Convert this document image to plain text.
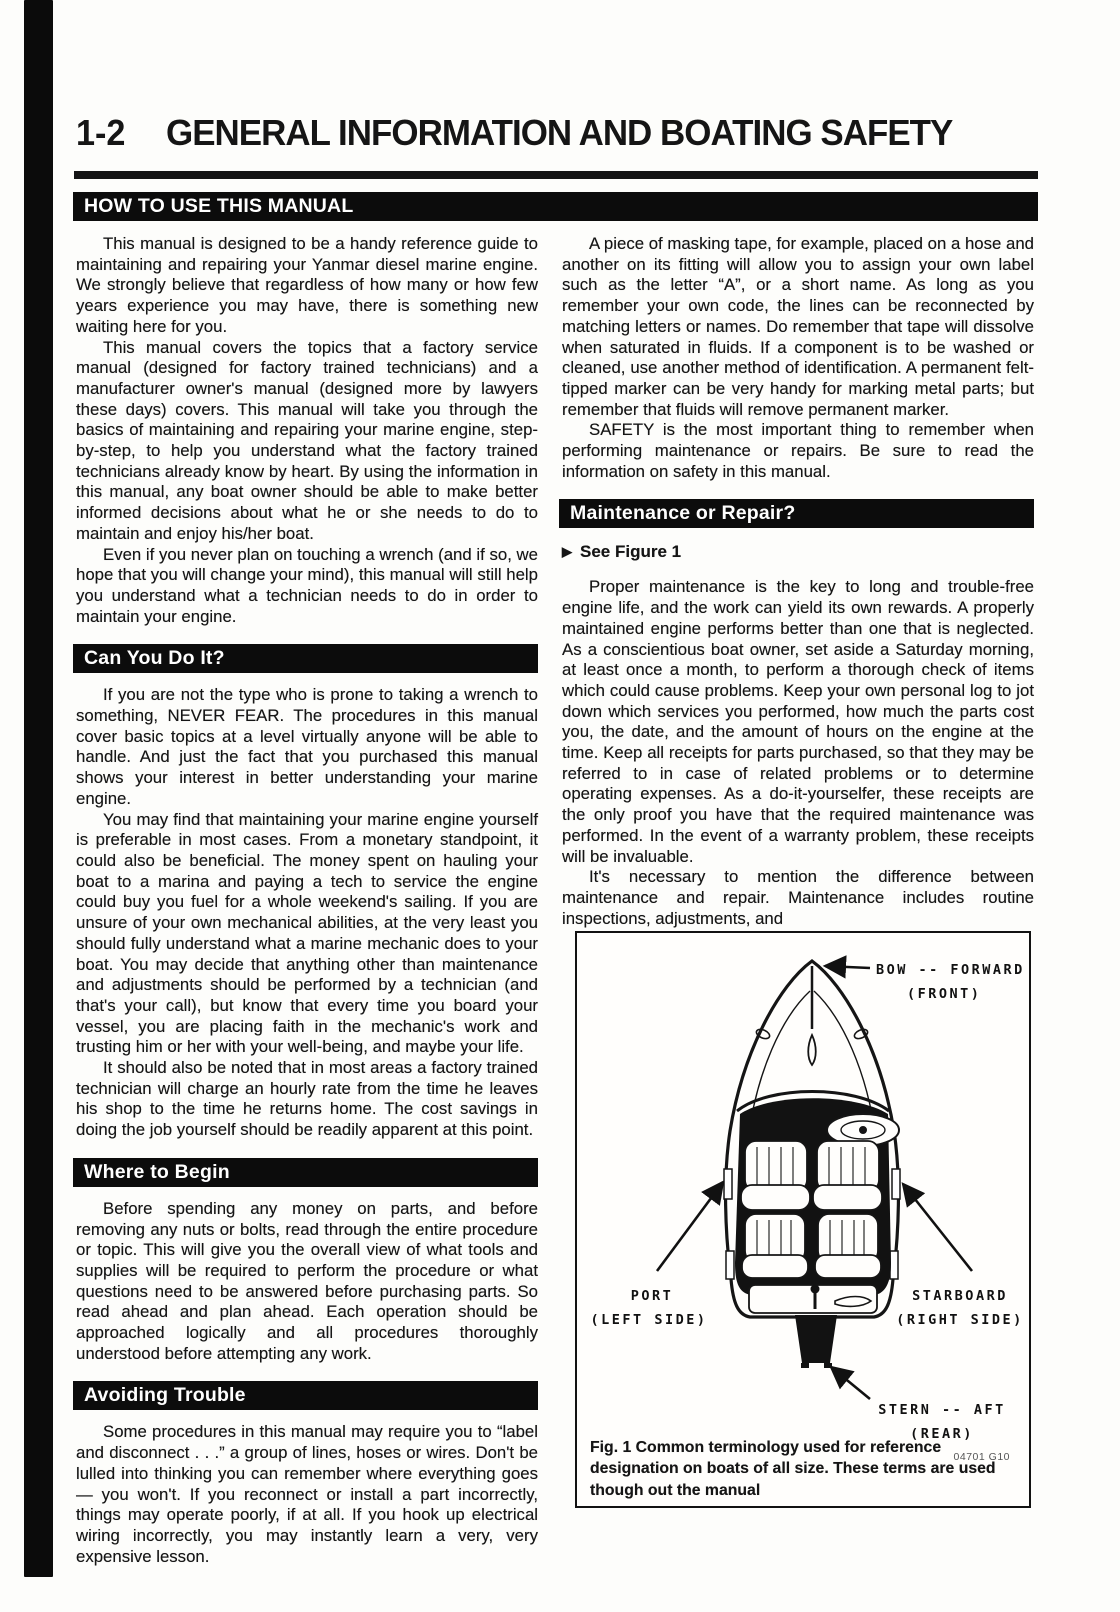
1-2 GENERAL INFORMATION AND BOATING SAFETY
HOW TO USE THIS MANUAL

This manual is designed to be a handy reference guide to maintaining and repairing your Yanmar diesel marine engine. We strongly believe that regardless of how many or how few years experience you may have, there is something new waiting here for you.

This manual covers the topics that a factory service manual (designed for factory trained technicians) and a manufacturer owner's manual (designed more by lawyers these days) covers. This manual will take you through the basics of maintaining and repairing your marine engine, step-by-step, to help you understand what the factory trained technicians already know by heart. By using the information in this manual, any boat owner should be able to make better informed decisions about what he or she needs to do to maintain and enjoy his/her boat.

Even if you never plan on touching a wrench (and if so, we hope that you will change your mind), this manual will still help you understand what a technician needs to do in order to maintain your engine.

Can You Do It?

If you are not the type who is prone to taking a wrench to something, NEVER FEAR. The procedures in this manual cover basic topics at a level virtually anyone will be able to handle. And just the fact that you purchased this manual shows your interest in better understanding your marine engine.

You may find that maintaining your marine engine yourself is preferable in most cases. From a monetary standpoint, it could also be beneficial. The money spent on hauling your boat to a marina and paying a tech to service the engine could buy you fuel for a whole weekend's sailing. If you are unsure of your own mechanical abilities, at the very least you should fully understand what a marine mechanic does to your boat. You may decide that anything other than maintenance and adjustments should be performed by a technician (and that's your call), but know that every time you board your vessel, you are placing faith in the mechanic's work and trusting him or her with your well-being, and maybe your life.

It should also be noted that in most areas a factory trained technician will charge an hourly rate from the time he leaves his shop to the time he returns home. The cost savings in doing the job yourself should be readily apparent at this point.

Where to Begin

Before spending any money on parts, and before removing any nuts or bolts, read through the entire procedure or topic. This will give you the overall view of what tools and supplies will be required to perform the procedure or what questions need to be answered before purchasing parts. So read ahead and plan ahead. Each operation should be approached logically and all procedures thoroughly understood before attempting any work.

Avoiding Trouble

Some procedures in this manual may require you to “label and disconnect . . .” a group of lines, hoses or wires. Don't be lulled into thinking you can remember where everything goes — you won't. If you reconnect or install a part incorrectly, things may operate poorly, if at all. If you hook up electrical wiring incorrectly, you may instantly learn a very, very expensive lesson.

A piece of masking tape, for example, placed on a hose and another on its fitting will allow you to assign your own label such as the letter “A”, or a short name. As long as you remember your own code, the lines can be reconnected by matching letters or names. Do remember that tape will dissolve when saturated in fluids. If a component is to be washed or cleaned, use another method of identification. A permanent felt-tipped marker can be very handy for marking metal parts; but remember that fluids will remove permanent marker.

SAFETY is the most important thing to remember when performing maintenance or repairs. Be sure to read the information on safety in this manual.

Maintenance or Repair?
▶ See Figure 1

Proper maintenance is the key to long and trouble-free engine life, and the work can yield its own rewards. A properly maintained engine performs better than one that is neglected. As a conscientious boat owner, set aside a Saturday morning, at least once a month, to perform a thorough check of items which could cause problems. Keep your own personal log to jot down which services you performed, how much the parts cost you, the date, and the amount of hours on the engine at the time. Keep all receipts for parts purchased, so that they may be referred to in case of related problems or to determine operating expenses. As a do-it-yourselfer, these receipts are the only proof you have that the required maintenance was performed. In the event of a warranty problem, these receipts will be invaluable.

It's necessary to mention the difference between maintenance and repair. Maintenance includes routine inspections, adjustments, and

BOW -- FORWARD
(FRONT)
PORT
(LEFT SIDE)
STARBOARD
(RIGHT SIDE)
STERN -- AFT
(REAR)
04701 G10
Fig. 1 Common terminology used for reference designation on boats of all size. These terms are used though out the manual
